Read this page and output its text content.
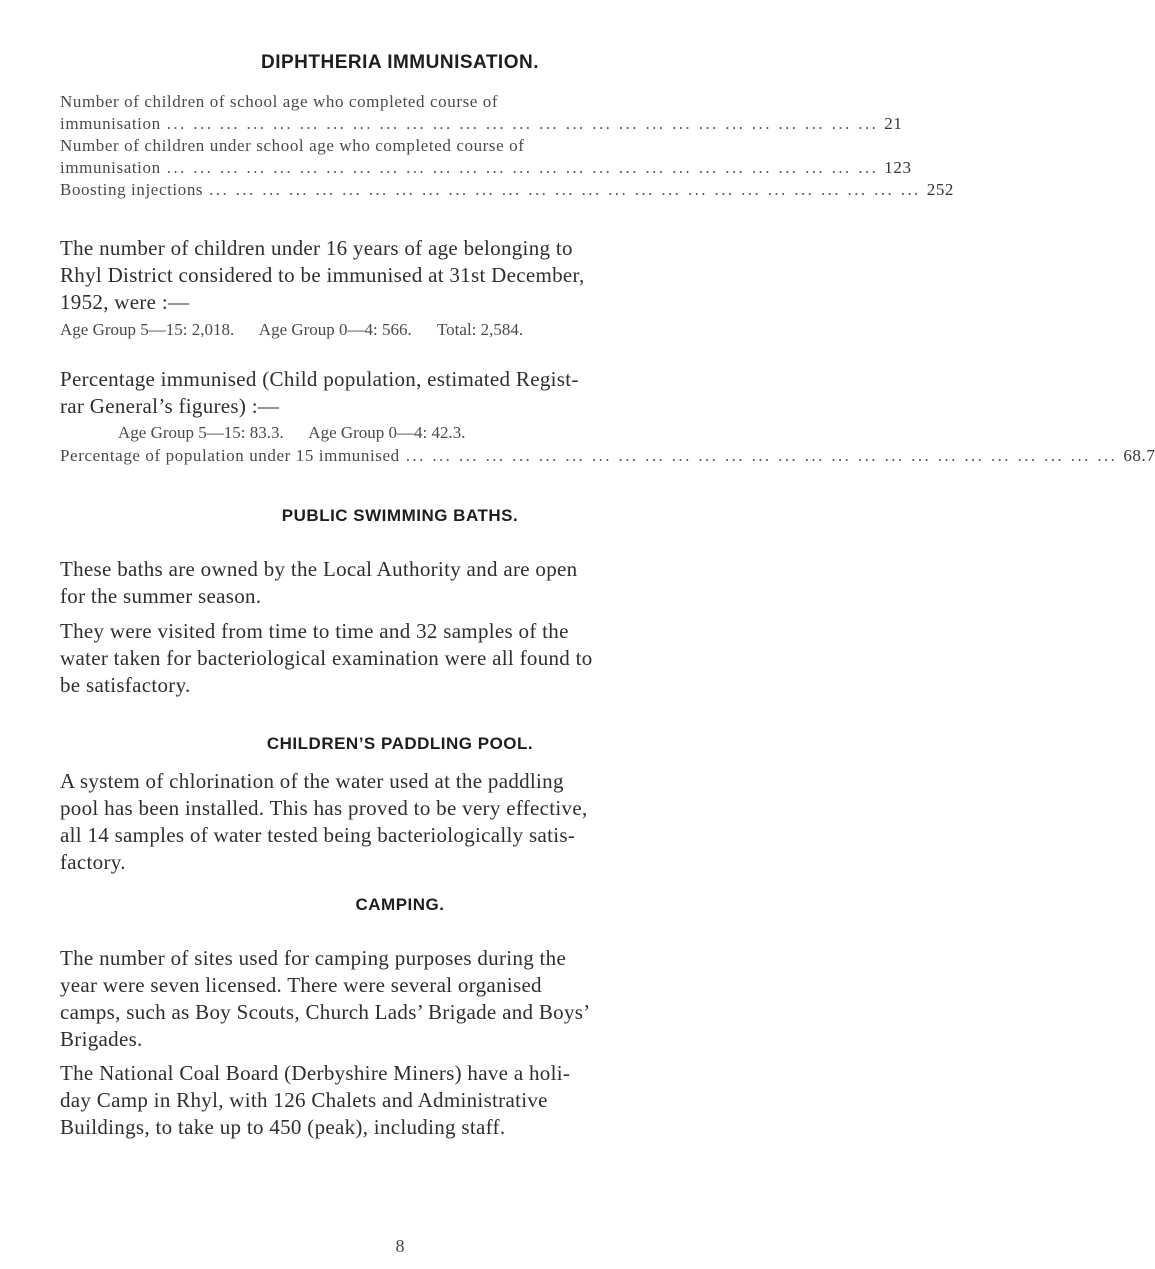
DIPHTHERIA IMMUNISATION.
Number of children of school age who completed course of
immunisation ... ... ... ... ... ... ... ... ... ... ... ... ... ... ... ... ... ... ... ... ... ... ... ... ... ... ... 21
Number of children under school age who completed course of
immunisation ... ... ... ... ... ... ... ... ... ... ... ... ... ... ... ... ... ... ... ... ... ... ... ... ... ... ... 123
Boosting injections ... ... ... ... ... ... ... ... ... ... ... ... ... ... ... ... ... ... ... ... ... ... ... ... ... ... ... 252
The number of children under 16 years of age belonging to
Rhyl District considered to be immunised at 31st December,
1952, were :—
Age Group 5—15: 2,018.      Age Group 0—4: 566.      Total: 2,584.
Percentage immunised (Child population, estimated Regist-
rar General’s figures) :—
Age Group 5—15: 83.3.      Age Group 0—4: 42.3.
Percentage of population under 15 immunised ... ... ... ... ... ... ... ... ... ... ... ... ... ... ... ... ... ... ... ... ... ... ... ... ... ... ... 68.7
PUBLIC SWIMMING BATHS.
These baths are owned by the Local Authority and are open
for the summer season.
They were visited from time to time and 32 samples of the
water taken for bacteriological examination were all found to
be satisfactory.
CHILDREN’S PADDLING POOL.
A system of chlorination of the water used at the paddling
pool has been installed. This has proved to be very effective,
all 14 samples of water tested being bacteriologically satis-
factory.
CAMPING.
The number of sites used for camping purposes during the
year were seven licensed. There were several organised
camps, such as Boy Scouts, Church Lads’ Brigade and Boys’
Brigades.
The National Coal Board (Derbyshire Miners) have a holi-
day Camp in Rhyl, with 126 Chalets and Administrative
Buildings, to take up to 450 (peak), including staff.
8
